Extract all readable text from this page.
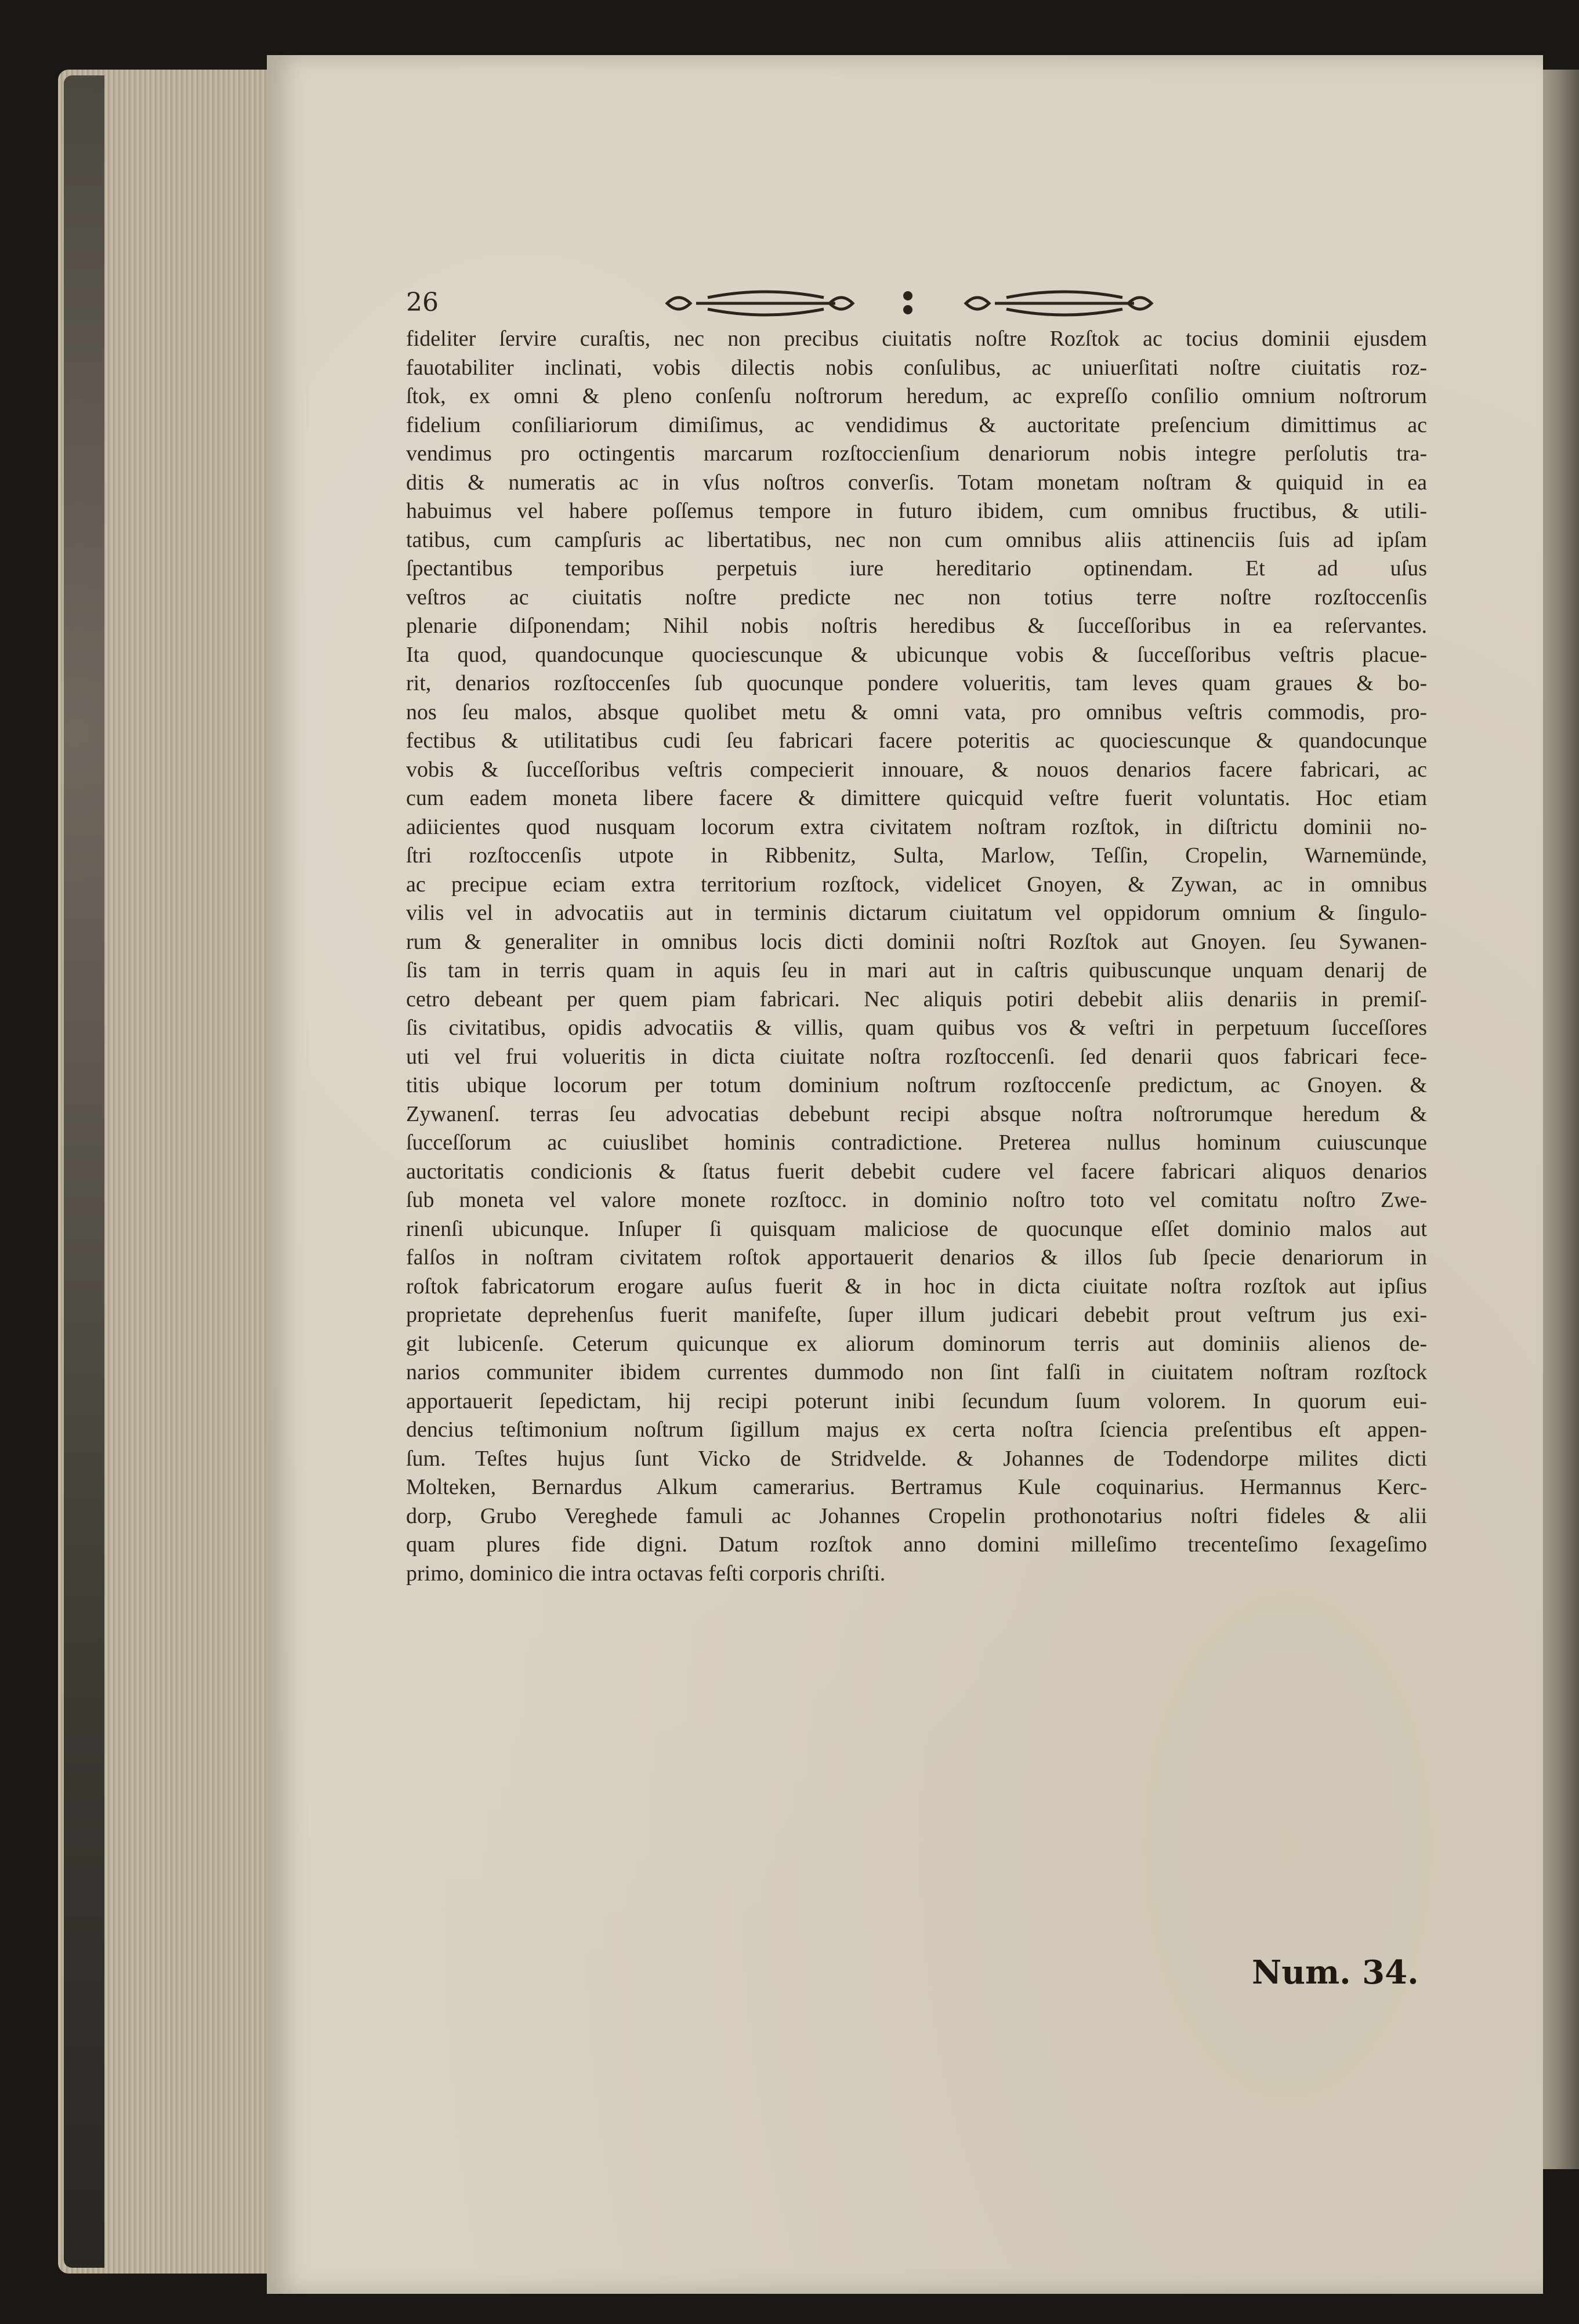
26
fideliter ſervire curaſtis, nec non precibus ciuitatis noſtre Rozſtok ac tocius dominii ejusdem
fauotabiliter inclinati, vobis dilectis nobis conſulibus, ac uniuerſitati noſtre ciuitatis roz-
ſtok, ex omni & pleno conſenſu noſtrorum heredum, ac expreſſo conſilio omnium noſtrorum
fidelium conſiliariorum dimiſimus, ac vendidimus & auctoritate preſencium dimittimus ac
vendimus pro octingentis marcarum rozſtoccienſium denariorum nobis integre perſolutis tra-
ditis & numeratis ac in vſus noſtros converſis. Totam monetam noſtram & quiquid in ea
habuimus vel habere poſſemus tempore in futuro ibidem, cum omnibus fructibus, & utili-
tatibus, cum campſuris ac libertatibus, nec non cum omnibus aliis attinenciis ſuis ad ipſam
ſpectantibus temporibus perpetuis iure hereditario optinendam. Et ad uſus
veſtros ac ciuitatis noſtre predicte nec non totius terre noſtre rozſtoccenſis
plenarie diſponendam; Nihil nobis noſtris heredibus & ſucceſſoribus in ea reſervantes.
Ita quod, quandocunque quociescunque & ubicunque vobis & ſucceſſoribus veſtris placue-
rit, denarios rozſtoccenſes ſub quocunque pondere volueritis, tam leves quam graues & bo-
nos ſeu malos, absque quolibet metu & omni vata, pro omnibus veſtris commodis, pro-
fectibus & utilitatibus cudi ſeu fabricari facere poteritis ac quociescunque & quandocunque
vobis & ſucceſſoribus veſtris compecierit innouare, & nouos denarios facere fabricari, ac
cum eadem moneta libere facere & dimittere quicquid veſtre fuerit voluntatis. Hoc etiam
adiicientes quod nusquam locorum extra civitatem noſtram rozſtok, in diſtrictu dominii no-
ſtri rozſtoccenſis utpote in Ribbenitz, Sulta, Marlow, Teſſin, Cropelin, Warnemünde,
ac precipue eciam extra territorium rozſtock, videlicet Gnoyen, & Zywan, ac in omnibus
vilis vel in advocatiis aut in terminis dictarum ciuitatum vel oppidorum omnium & ſingulo-
rum & generaliter in omnibus locis dicti dominii noſtri Rozſtok aut Gnoyen. ſeu Sywanen-
ſis tam in terris quam in aquis ſeu in mari aut in caſtris quibuscunque unquam denarij de
cetro debeant per quem piam fabricari. Nec aliquis potiri debebit aliis denariis in premiſ-
ſis civitatibus, opidis advocatiis & villis, quam quibus vos & veſtri in perpetuum ſucceſſores
uti vel frui volueritis in dicta ciuitate noſtra rozſtoccenſi. ſed denarii quos fabricari fece-
titis ubique locorum per totum dominium noſtrum rozſtoccenſe predictum, ac Gnoyen. &
Zywanenſ. terras ſeu advocatias debebunt recipi absque noſtra noſtrorumque heredum &
ſucceſſorum ac cuiuslibet hominis contradictione. Preterea nullus hominum cuiuscunque
auctoritatis condicionis & ſtatus fuerit debebit cudere vel facere fabricari aliquos denarios
ſub moneta vel valore monete rozſtocc. in dominio noſtro toto vel comitatu noſtro Zwe-
rinenſi ubicunque. Inſuper ſi quisquam maliciose de quocunque eſſet dominio malos aut
falſos in noſtram civitatem roſtok apportauerit denarios & illos ſub ſpecie denariorum in
roſtok fabricatorum erogare auſus fuerit & in hoc in dicta ciuitate noſtra rozſtok aut ipſius
proprietate deprehenſus fuerit manifeſte, ſuper illum judicari debebit prout veſtrum jus exi-
git lubicenſe. Ceterum quicunque ex aliorum dominorum terris aut dominiis alienos de-
narios communiter ibidem currentes dummodo non ſint falſi in ciuitatem noſtram rozſtock
apportauerit ſepedictam, hij recipi poterunt inibi ſecundum ſuum volorem. In quorum eui-
dencius teſtimonium noſtrum ſigillum majus ex certa noſtra ſciencia preſentibus eſt appen-
ſum. Teſtes hujus ſunt Vicko de Stridvelde. & Johannes de Todendorpe milites dicti
Molteken, Bernardus Alkum camerarius. Bertramus Kule coquinarius. Hermannus Kerc-
dorp, Grubo Vereghede famuli ac Johannes Cropelin prothonotarius noſtri fideles & alii
quam plures fide digni. Datum rozſtok anno domini milleſimo trecenteſimo ſexageſimo
primo, dominico die intra octavas feſti corporis chriſti.
Num. 34.
